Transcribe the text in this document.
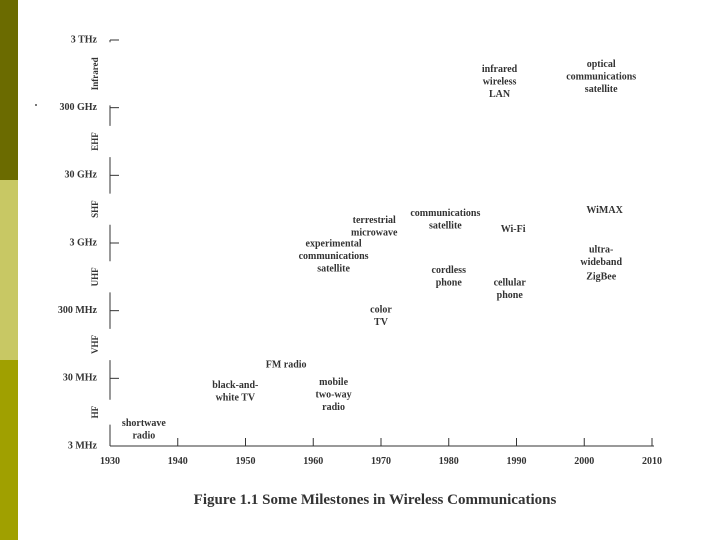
HF
VHF
UHF
SHF
EHF
Infrared
3 MHz
30 MHz
300 MHz
3 GHz
30 GHz
300 GHz
3 THz
1930	1940	1950	1960	1970	1980	1990	2000	2010
shortwave radio
FM radio
black-and-white TV
mobile two-way radio
color TV
experimental communications satellite
terrestrial microwave
communications satellite
cordless phone	cellular phone
Wi-Fi
infrared wireless LAN
optical communications satellite
WiMAX
ultra-wideband
ZigBee
Figure 1.1 Some Milestones in Wireless Communications
